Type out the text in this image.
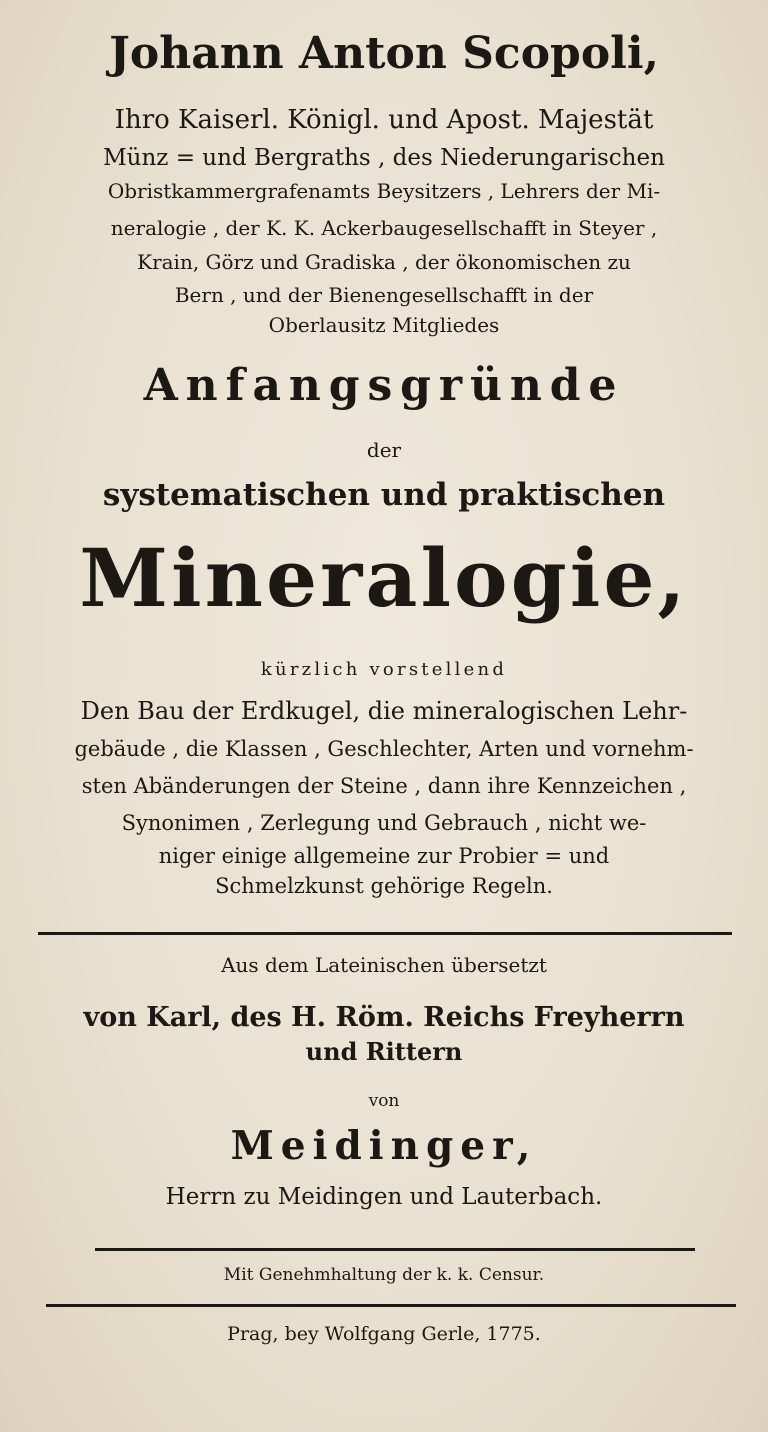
Johann Anton Scopoli,
Ihro Kaiserl. Königl. und Apost. Majestät
Münz = und Bergraths , des Niederungarischen
Obristkammergrafenamts Beysitzers , Lehrers der Mi-
neralogie , der K. K. Ackerbaugesellschafft in Steyer ,
Krain, Görz und Gradiska , der ökonomischen zu
Bern , und der Bienengesellschafft in der
Oberlausitz Mitgliedes
Anfangsgründe
der
systematischen und praktischen
Mineralogie,
kürzlich vorstellend
Den Bau der Erdkugel, die mineralogischen Lehr-
gebäude , die Klassen , Geschlechter, Arten und vornehm-
sten Abänderungen der Steine , dann ihre Kennzeichen ,
Synonimen , Zerlegung und Gebrauch , nicht we-
niger einige allgemeine zur Probier = und
Schmelzkunst gehörige Regeln.
Aus dem Lateinischen übersetzt
von Karl, des H. Röm. Reichs Freyherrn
und Rittern
von
Meidinger,
Herrn zu Meidingen und Lauterbach.
Mit Genehmhaltung der k. k. Censur.
Prag, bey Wolfgang Gerle, 1775.
